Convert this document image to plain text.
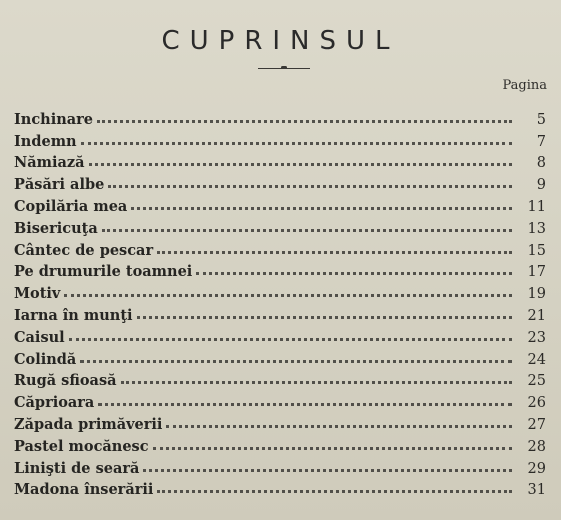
CUPRINSUL
Pagina
Inchinare	5
Indemn	7
Nămiază	8
Păsări albe	9
Copilăria mea	11
Bisericuţa	13
Cântec de pescar	15
Pe drumurile toamnei	17
Motiv	19
Iarna în munţi	21
Caisul	23
Colindă	24
Rugă sfioasă	25
Căprioara	26
Zăpada primăverii	27
Pastel mocănesc	28
Linişti de seară	29
Madona înserării	31
